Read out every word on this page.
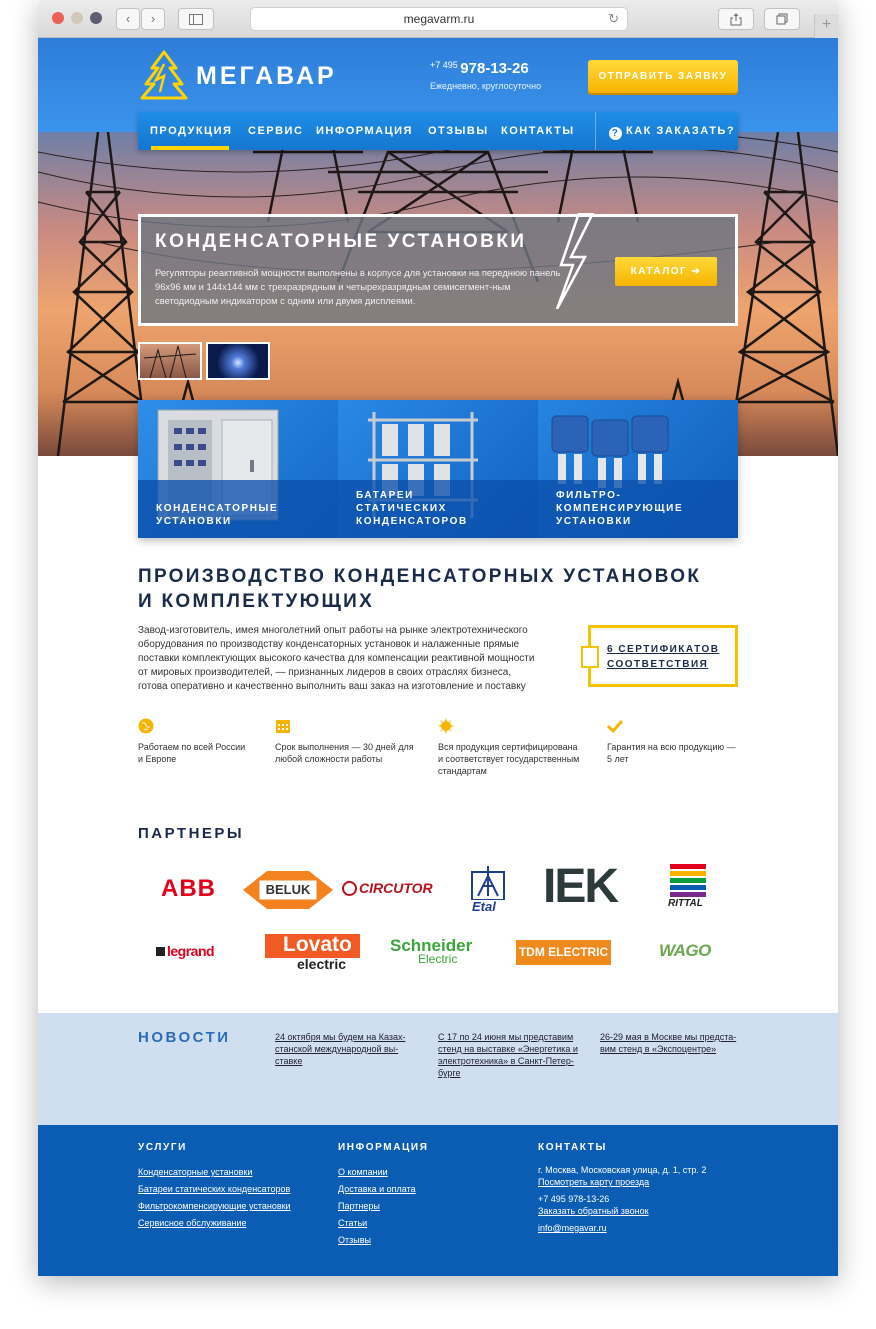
‹	›	megavarm.ru	↻	+
МЕГАВАР	+7 495 978-13-26
Ежедневно, круглосуточно
ОТПРАВИТЬ ЗАЯВКУ
ПРОДУКЦИЯ СЕРВИС ИНФОРМАЦИЯ ОТЗЫВЫ КОНТАКТЫ	? КАК ЗАКАЗАТЬ?
КОНДЕНСАТОРНЫЕ УСТАНОВКИ

Регуляторы реактивной мощности выполнены в корпусе для установки на переднюю панель 96х96 мм и 144х144 мм с трехразрядным и четырехразрядным семисегмент-ным светодиодным индикатором с одним или двумя дисплеями.

КАТАЛОГ ➔
КОНДЕНСАТОРНЫЕ
УСТАНОВКИ
БАТАРЕИ
СТАТИЧЕСКИХ
КОНДЕНСАТОРОВ
ФИЛЬТРО-
КОМПЕНСИРУЮЩИЕ
УСТАНОВКИ
ПРОИЗВОДСТВО КОНДЕНСАТОРНЫХ УСТАНОВОК
И КОМПЛЕКТУЮЩИХ

Завод-изготовитель, имея многолетний опыт работы на рынке электротехнического оборудования по производству конденсаторных установок и налаженные прямые поставки комплектующих высокого качества для компенсации реактивной мощности от мировых производителей, — признанных лидеров в своих отраслях бизнеса, готова оперативно и качественно выполнить ваш заказ на изготовление и поставку

6 СЕРТИФИКАТОВ
СООТВЕТСТВИЯ
Работаем по всей России и Европе
Срок выполнения — 30 дней для любой сложности работы
Вся продукция сертифицирована и соответствует государственным стандартам
Гарантия на всю продукцию — 5 лет
ПАРТНЕРЫ
ABB	BELUK	CIRCUTOR
Etal IEK	RITTAL
legrand	Lovato
electric
Schneider
Electric	TDM ELECTRIC	WAGO
НОВОСТИ	24 октября мы будем на Казах-станской международной вы-ставке
С 17 по 24 июня мы представим стенд на выставке «Энергетика и электротехника» в Санкт-Петер-бурге
26-29 мая в Москве мы предста-вим стенд в «Экспоцентре»
УСЛУГИ
Конденсаторные установки
Батареи статических конденсаторов
Фильтрокомпенсирующие установки
Сервисное обслуживание
ИНФОРМАЦИЯ
О компании
Доставка и оплата
Партнеры
Статьи
Отзывы
КОНТАКТЫ
г. Москва, Московская улица, д. 1, стр. 2
Посмотреть карту проезда
+7 495 978-13-26
Заказать обратный звонок
info@megavar.ru
